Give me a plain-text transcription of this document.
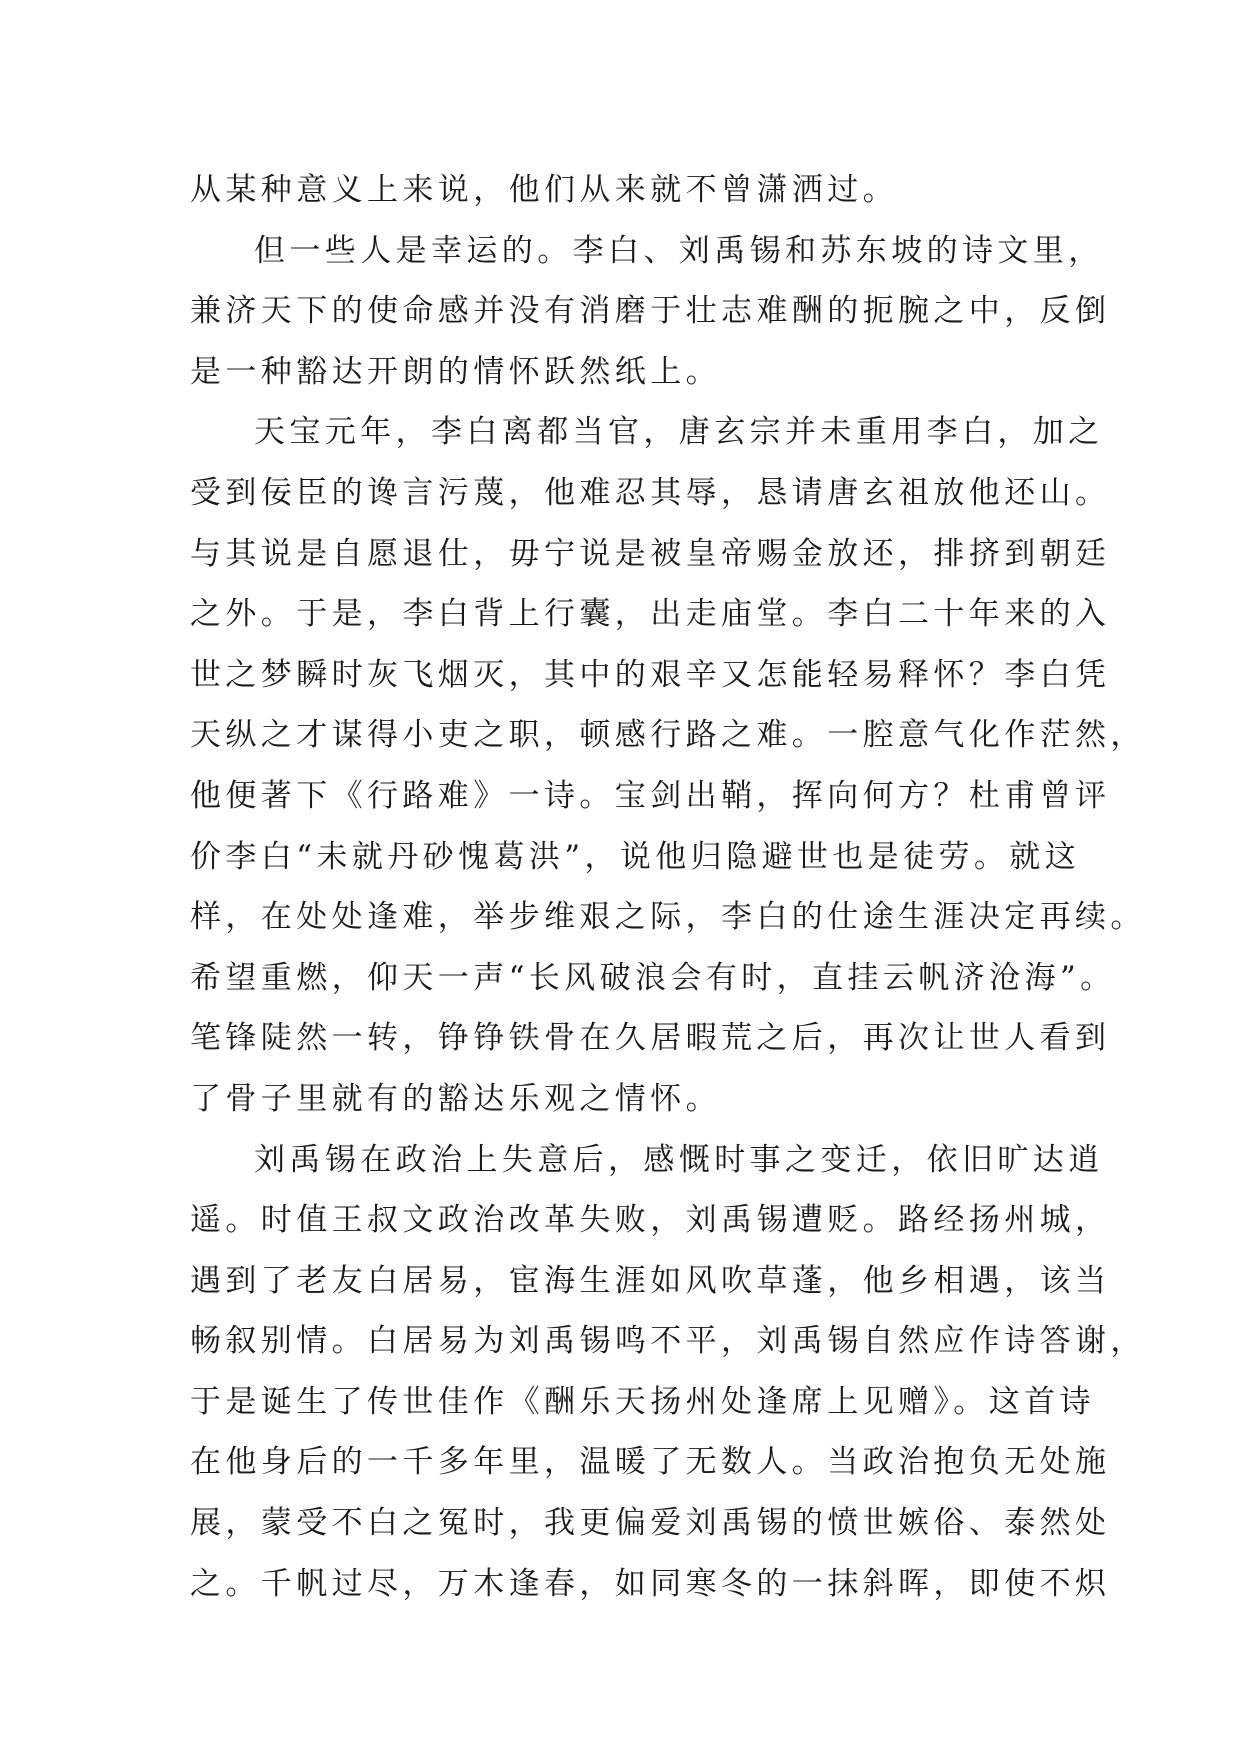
从某种意义上来说，他们从来就不曾潇洒过。
但一些人是幸运的。李白、刘禹锡和苏东坡的诗文里，
兼济天下的使命感并没有消磨于壮志难酬的扼腕之中，反倒
是一种豁达开朗的情怀跃然纸上。
天宝元年，李白离都当官，唐玄宗并未重用李白，加之
受到佞臣的谗言污蔑，他难忍其辱，恳请唐玄祖放他还山。
与其说是自愿退仕，毋宁说是被皇帝赐金放还，排挤到朝廷
之外。于是，李白背上行囊，出走庙堂。李白二十年来的入
世之梦瞬时灰飞烟灭，其中的艰辛又怎能轻易释怀？李白凭
天纵之才谋得小吏之职，顿感行路之难。一腔意气化作茫然，
他便著下《行路难》一诗。宝剑出鞘，挥向何方？杜甫曾评
价李白“未就丹砂愧葛洪”，说他归隐避世也是徒劳。就这
样，在处处逢难，举步维艰之际，李白的仕途生涯决定再续。
希望重燃，仰天一声“长风破浪会有时，直挂云帆济沧海”。
笔锋陡然一转，铮铮铁骨在久居暇荒之后，再次让世人看到
了骨子里就有的豁达乐观之情怀。
刘禹锡在政治上失意后，感慨时事之变迁，依旧旷达逍
遥。时值王叔文政治改革失败，刘禹锡遭贬。路经扬州城，
遇到了老友白居易，宦海生涯如风吹草蓬，他乡相遇，该当
畅叙别情。白居易为刘禹锡鸣不平，刘禹锡自然应作诗答谢，
于是诞生了传世佳作《酬乐天扬州处逢席上见赠》。这首诗
在他身后的一千多年里，温暖了无数人。当政治抱负无处施
展，蒙受不白之冤时，我更偏爱刘禹锡的愤世嫉俗、泰然处
之。千帆过尽，万木逢春，如同寒冬的一抹斜晖，即使不炽
